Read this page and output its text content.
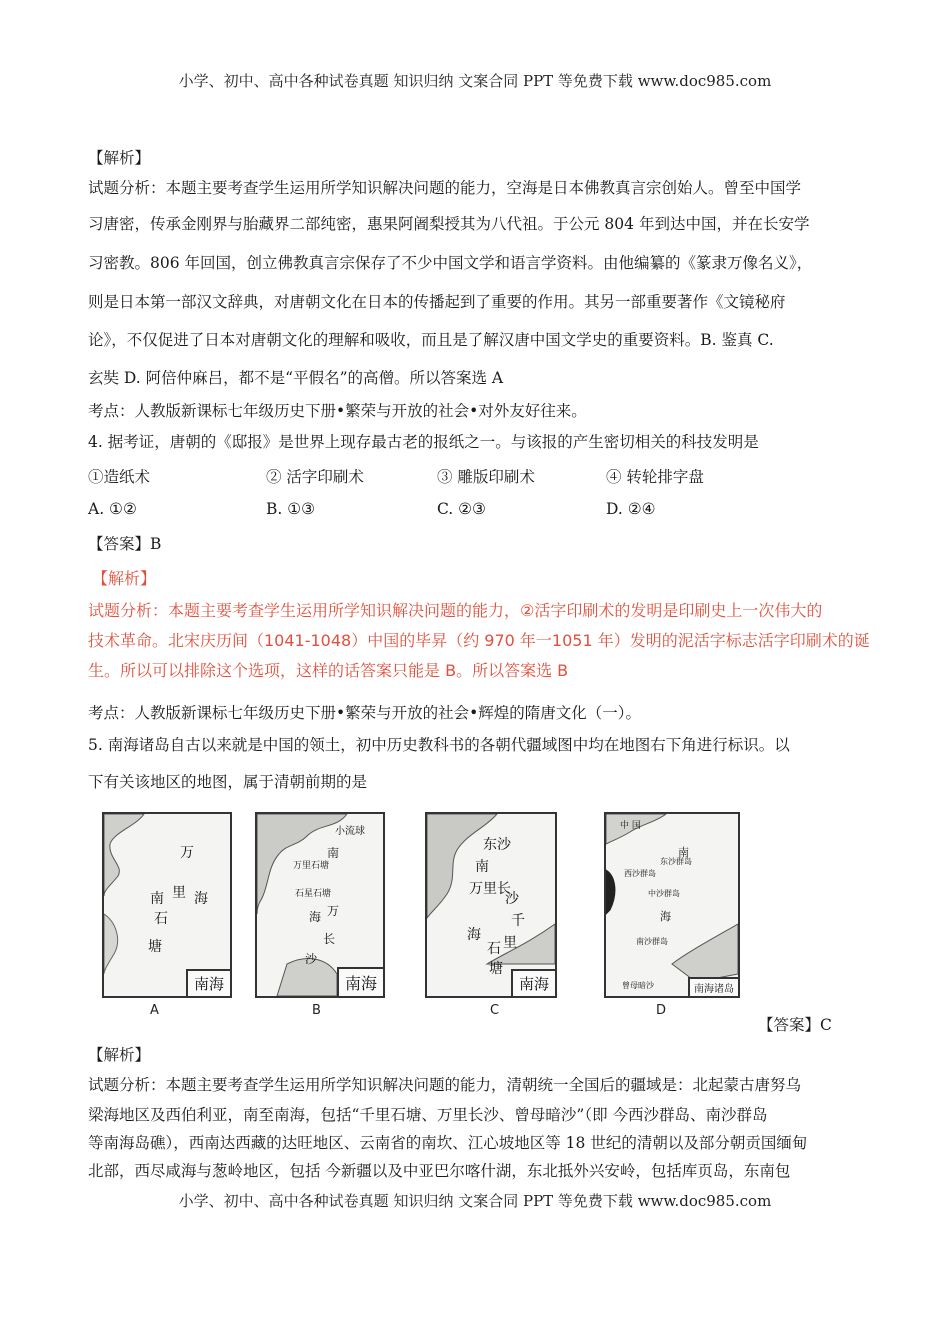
小学、初中、高中各种试卷真题 知识归纳 文案合同 PPT 等免费下载 www.doc985.com
【解析】
试题分析：本题主要考查学生运用所学知识解决问题的能力，空海是日本佛教真言宗创始人。曾至中国学
习唐密，传承金刚界与胎藏界二部纯密，惠果阿阇梨授其为八代祖。于公元 804 年到达中国，并在长安学
习密教。806 年回国，创立佛教真言宗保存了不少中国文学和语言学资料。由他编纂的《篆隶万像名义》，
则是日本第一部汉文辞典，对唐朝文化在日本的传播起到了重要的作用。其另一部重要著作《文镜秘府
论》，不仅促进了日本对唐朝文化的理解和吸收，而且是了解汉唐中国文学史的重要资料。B. 鉴真 C.
玄奘 D. 阿倍仲麻吕，都不是“平假名”的高僧。所以答案选 A
考点：人教版新课标七年级历史下册•繁荣与开放的社会•对外友好往来。
4. 据考证，唐朝的《邸报》是世界上现存最古老的报纸之一。与该报的产生密切相关的科技发明是
①造纸术	② 活字印刷术	③ 雕版印刷术	④ 转轮排字盘
A. ①②	B. ①③	C. ②③	D. ②④
【答案】B
【解析】
试题分析：本题主要考查学生运用所学知识解决问题的能力，②活字印刷术的发明是印刷史上一次伟大的
技术革命。北宋庆历间（1041-1048）中国的毕昇（约 970 年一1051 年）发明的泥活字标志活字印刷术的诞
生。所以可以排除这个选项，这样的话答案只能是 B。所以答案选 B
考点：人教版新课标七年级历史下册•繁荣与开放的社会•辉煌的隋唐文化（一）。
5. 南海诸岛自古以来就是中国的领土，初中历史教科书的各朝代疆域图中均在地图右下角进行标识。以
下有关该地区的地图，属于清朝前期的是
万
里 海
南
石
塘
南海
A
小流球
南
万里石塘
石星石塘
海 万
长
沙
南海
B
东沙
南
万里长
沙
千
里
海
石
塘
南海
C
中 国
南
东沙群岛
西沙群岛
中沙群岛
海
南沙群岛
曾母暗沙	南海诸岛
D
【答案】C
【解析】
试题分析：本题主要考查学生运用所学知识解决问题的能力，清朝统一全国后的疆域是：北起蒙古唐努乌
梁海地区及西伯利亚，南至南海，包括“千里石塘、万里长沙、曾母暗沙”（即 今西沙群岛、南沙群岛
等南海岛礁），西南达西藏的达旺地区、云南省的南坎、江心坡地区等 18 世纪的清朝以及部分朝贡国缅甸
北部，西尽咸海与葱岭地区，包括 今新疆以及中亚巴尔喀什湖，东北抵外兴安岭，包括库页岛，东南包
小学、初中、高中各种试卷真题 知识归纳 文案合同 PPT 等免费下载 www.doc985.com
